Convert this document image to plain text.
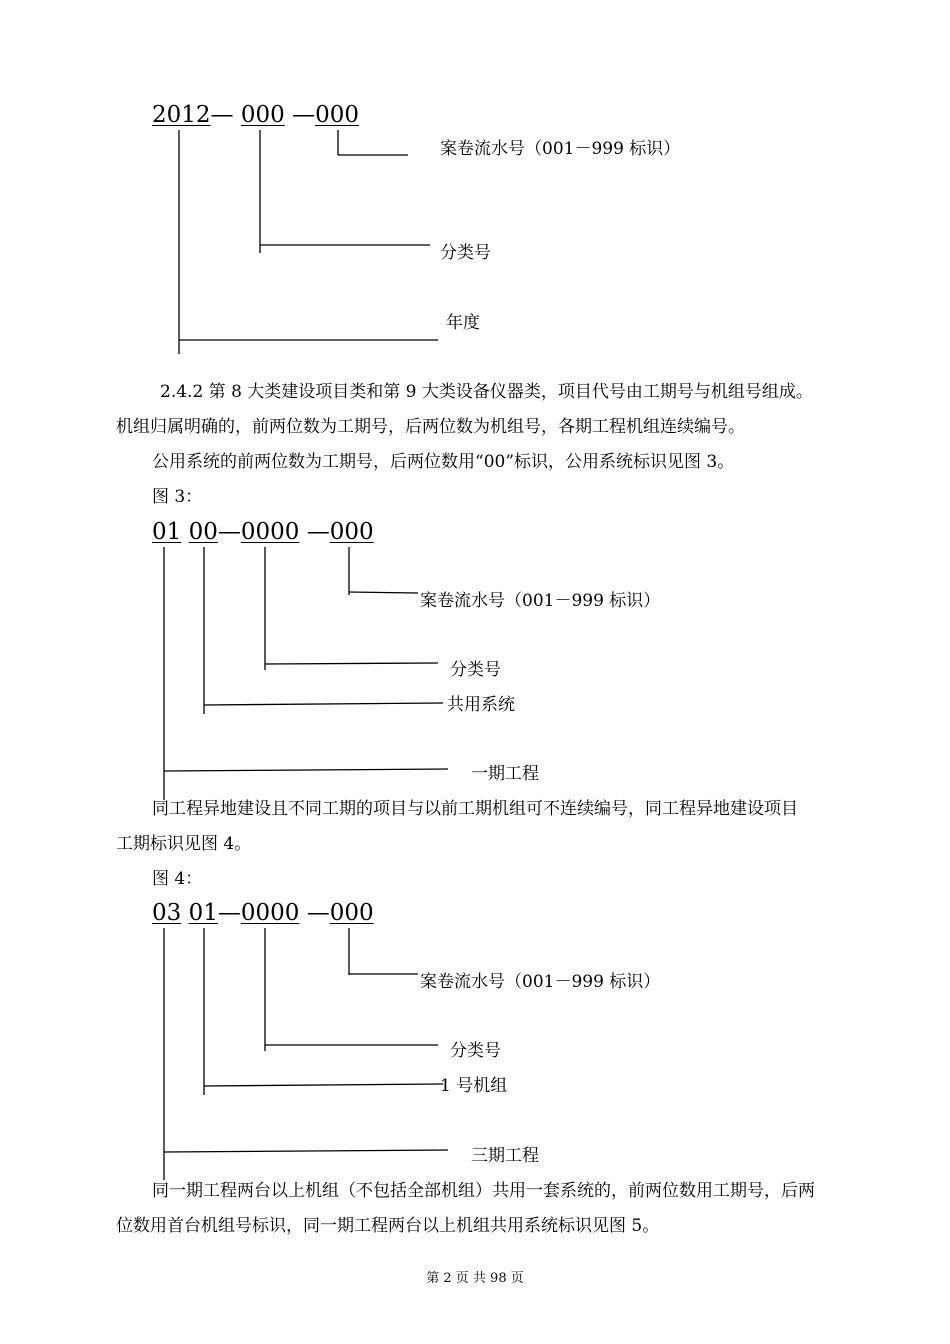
2012— 000 —000
案卷流水号（001－999 标识）
分类号
年度
2.4.2 第 8 大类建设项目类和第 9 大类设备仪器类，项目代号由工期号与机组号组成。
机组归属明确的，前两位数为工期号，后两位数为机组号，各期工程机组连续编号。
公用系统的前两位数为工期号，后两位数用“00”标识，公用系统标识见图 3。
图 3：
01 00—0000 —000
案卷流水号（001－999 标识）
分类号
共用系统
一期工程
同工程异地建设且不同工期的项目与以前工期机组可不连续编号，同工程异地建设项目
工期标识见图 4。
图 4：
03 01—0000 —000
案卷流水号（001－999 标识）
分类号
1 号机组
三期工程
同一期工程两台以上机组（不包括全部机组）共用一套系统的，前两位数用工期号，后两
位数用首台机组号标识，同一期工程两台以上机组共用系统标识见图 5。
第 2 页 共 98 页
